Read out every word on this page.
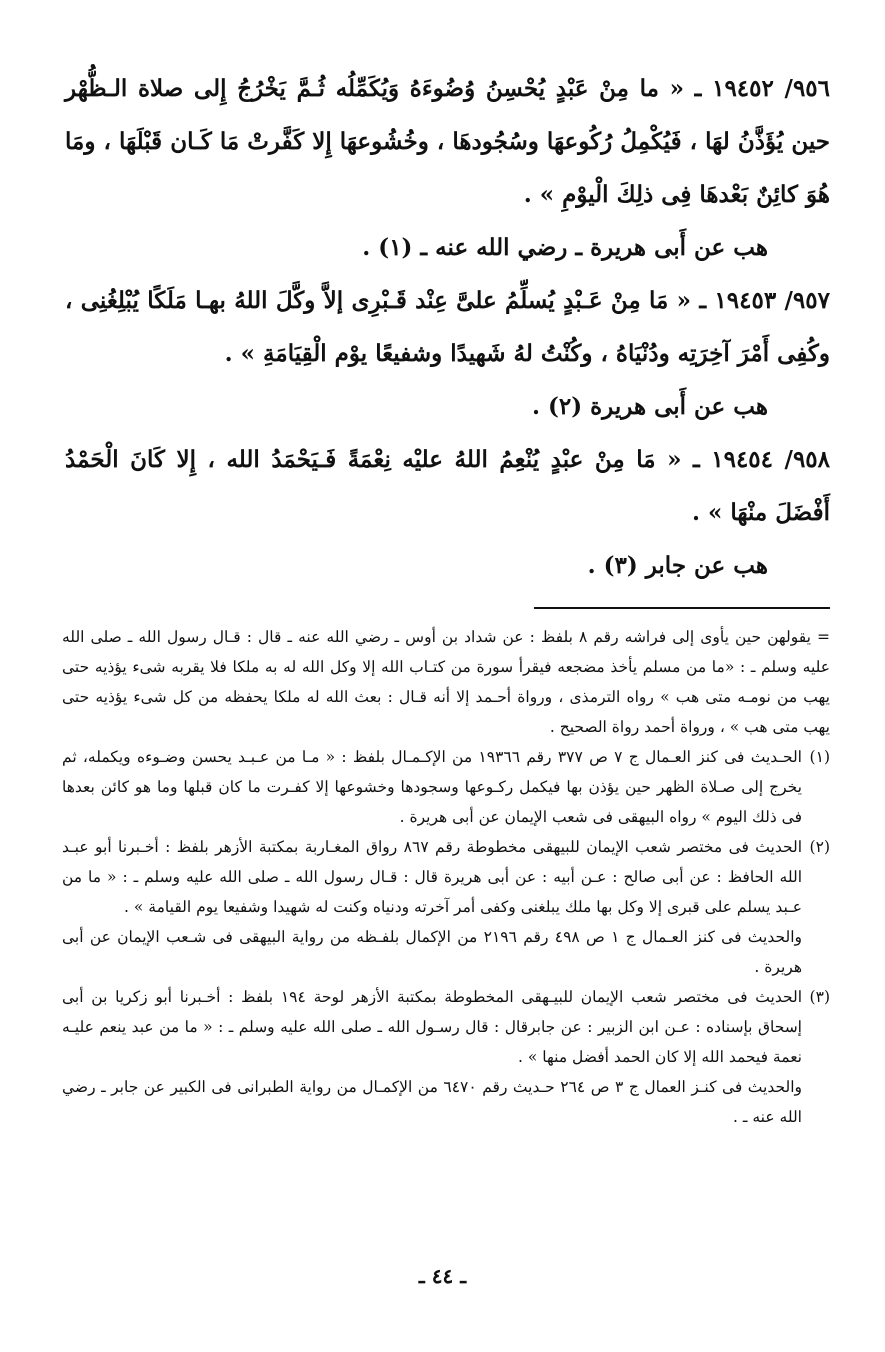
٩٥٦/ ١٩٤٥٢ ـ « ما مِنْ عَبْدٍ يُحْسِنُ وُضُوءَهُ وَيُكَمِّلُه ثُـمَّ يَخْرُجُ إِلى صلاة الـظُّهْر حين يُؤَذَّنُ لهَا ، فَيُكْمِلُ رُكُوعهَا وسُجُودهَا ، وخُشُوعهَا إِلا كَفَّرتْ مَا كَـان قَبْلَهَا ، ومَا هُوَ كائِنٌ بَعْدهَا فِى ذلِكَ الْيوْمِ » .

هب عن أَبى هريرة ـ رضي الله عنه ـ (١) .

٩٥٧/ ١٩٤٥٣ ـ « مَا مِنْ عَـبْدٍ يُسلِّمُ علىَّ عِنْد قَـبْرِى إلاَّ وكَّلَ اللهُ بهـا مَلَكًا يُبْلِغُنِى ، وكُفِى أَمْرَ آخِرَتِه ودُنْيَاهُ ، وكُنْتُ لهُ شَهيدًا وشفيعًا يوْم الْقِيَامَةِ » .

هب عن أَبى هريرة (٢) .

٩٥٨/ ١٩٤٥٤ ـ « مَا مِنْ عبْدٍ يُنْعِمُ اللهُ عليْه نِعْمَةً فَـيَحْمَدُ الله ، إِلا كَانَ الْحَمْدُ أَفْضَلَ منْهَا » .

هب عن جابر (٣) .

= يقولهن حين يأوى إلى فراشه رقم ٨ بلفظ : عن شداد بن أوس ـ رضي الله عنه ـ قال : قـال رسول الله ـ صلى الله عليه وسلم ـ : «ما من مسلم يأخذ مضجعه فيقرأ سورة من كتـاب الله إلا وكل الله له به ملكا فلا يقربه شىء يؤذيه حتى يهب من نومـه متى هب » رواه الترمذى ، ورواة أحـمد إلا أنه قـال : بعث الله له ملكا يحفظه من كل شىء يؤذيه حتى يهب متى هب » ، ورواة أحمد رواة الصحيح .

(١)
الحـديث فى كنز العـمال ج ٧ ص ٣٧٧ رقم ١٩٣٦٦ من الإكـمـال بلفظ : « مـا من عـبـد يحسن وضـوءه ويكمله، ثم يخرج إلى صـلاة الظهر حين يؤذن بها فيكمل ركـوعها وسجودها وخشوعها إلا كفـرت ما كان قبلها وما هو كائن بعدها فى ذلك اليوم » رواه البيهقى فى شعب الإيمان عن أبى هريرة .

(٢)
الحديث فى مختصر شعب الإيمان للبيهقى مخطوطة رقم ٨٦٧ رواق المغـاربة بمكتبة الأزهر بلفظ : أخـبرنا أبو عبـد الله الحافظ : عن أبى صالح : عـن أبيه : عن أبى هريرة قال : قـال رسول الله ـ صلى الله عليه وسلم ـ : « ما من عـبد يسلم على قبرى إلا وكل بها ملك يبلغنى وكفى أمر آخرته ودنياه وكنت له شهيدا وشفيعا يوم القيامة » .

والحديث فى كنز العـمال ج ١ ص ٤٩٨ رقم ٢١٩٦ من الإكمال بلفـظه من رواية البيهقى فى شـعب الإيمان عن أبى هريرة .

(٣)
الحديث فى مختصر شعب الإيمان للبيـهقى المخطوطة بمكتبة الأزهر لوحة ١٩٤ بلفظ : أخـبرنا أبو زكريا بن أبى إسحاق بإسناده : عـن ابن الزبير : عن جابرقال : قال رسـول الله ـ صلى الله عليه وسلم ـ : « ما من عبد ينعم عليـه نعمة فيحمد الله إلا كان الحمد أفضل منها » .

والحديث فى كنـز العمال ج ٣ ص ٢٦٤ حـديث رقم ٦٤٧٠ من الإكمـال من رواية الطبرانى فى الكبير عن جابر ـ رضي الله عنه ـ .

ـ ٤٤ ـ
